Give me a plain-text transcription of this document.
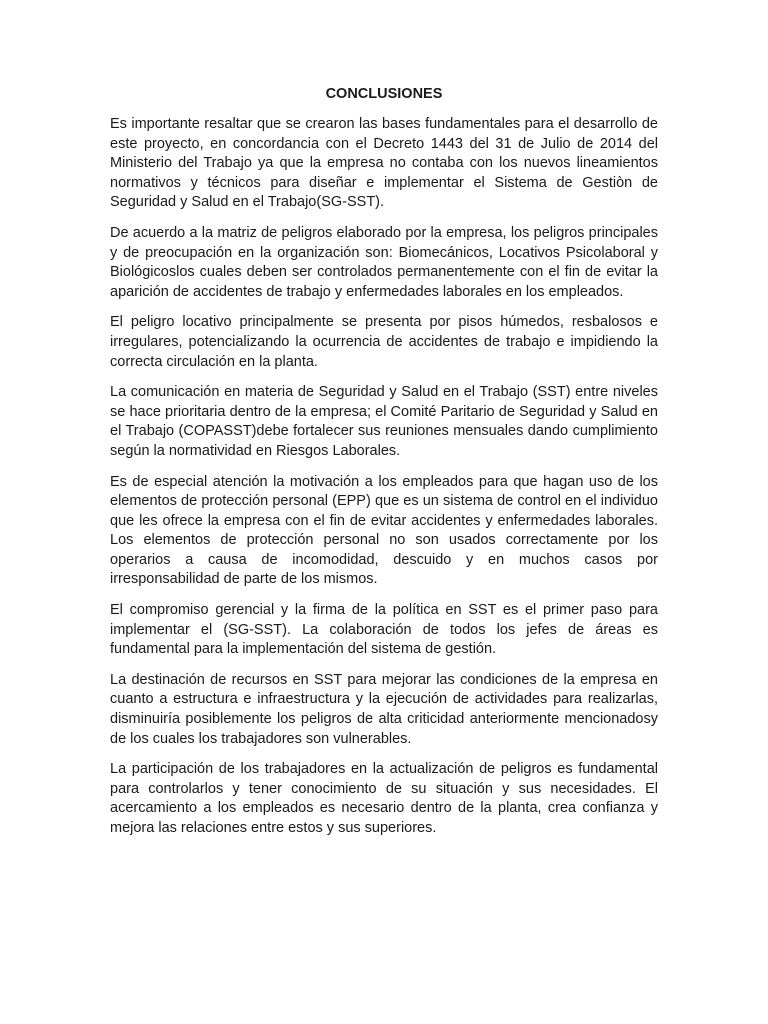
CONCLUSIONES

Es importante resaltar que se crearon las bases fundamentales para el desarrollo de este proyecto, en concordancia con el Decreto 1443 del 31 de Julio de 2014 del Ministerio del Trabajo ya que la empresa no contaba con los nuevos lineamientos normativos y técnicos para diseñar e implementar el Sistema de Gestiòn de Seguridad y Salud en el Trabajo(SG-SST).

De acuerdo a la matriz de peligros elaborado por la empresa, los peligros principales y de preocupación en la organización son: Biomecánicos, Locativos Psicolaboral y Biológicoslos cuales deben ser controlados permanentemente con el fin de evitar la aparición de accidentes de trabajo y enfermedades laborales en los empleados.

El peligro locativo principalmente se presenta por pisos húmedos, resbalosos e irregulares, potencializando la ocurrencia de accidentes de trabajo e impidiendo la correcta circulación en la planta.

La comunicación en materia de Seguridad y Salud en el Trabajo (SST) entre niveles se hace prioritaria dentro de la empresa; el Comité Paritario de Seguridad y Salud en el Trabajo (COPASST)debe fortalecer sus reuniones mensuales dando cumplimiento según la normatividad en Riesgos Laborales.

Es de especial atención la motivación a los empleados para que hagan uso de los elementos de protección personal (EPP) que es un sistema de control en el individuo que les ofrece la empresa con el fin de evitar accidentes y enfermedades laborales. Los elementos de protección personal no son usados correctamente por los operarios a causa de incomodidad, descuido y en muchos casos por irresponsabilidad de parte de los mismos.

El compromiso gerencial y la firma de la política en SST es el primer paso para implementar el (SG-SST). La colaboración de todos los jefes de áreas es fundamental para la implementación del sistema de gestión.

La destinación de recursos en SST para mejorar las condiciones de la empresa en cuanto a estructura e infraestructura y la ejecución de actividades para realizarlas, disminuiría posiblemente los peligros de alta criticidad anteriormente mencionadosy de los cuales los trabajadores son vulnerables.

La participación de los trabajadores en la actualización de peligros es fundamental para controlarlos y tener conocimiento de su situación y sus necesidades. El acercamiento a los empleados es necesario dentro de la planta, crea confianza y mejora las relaciones entre estos y sus superiores.
